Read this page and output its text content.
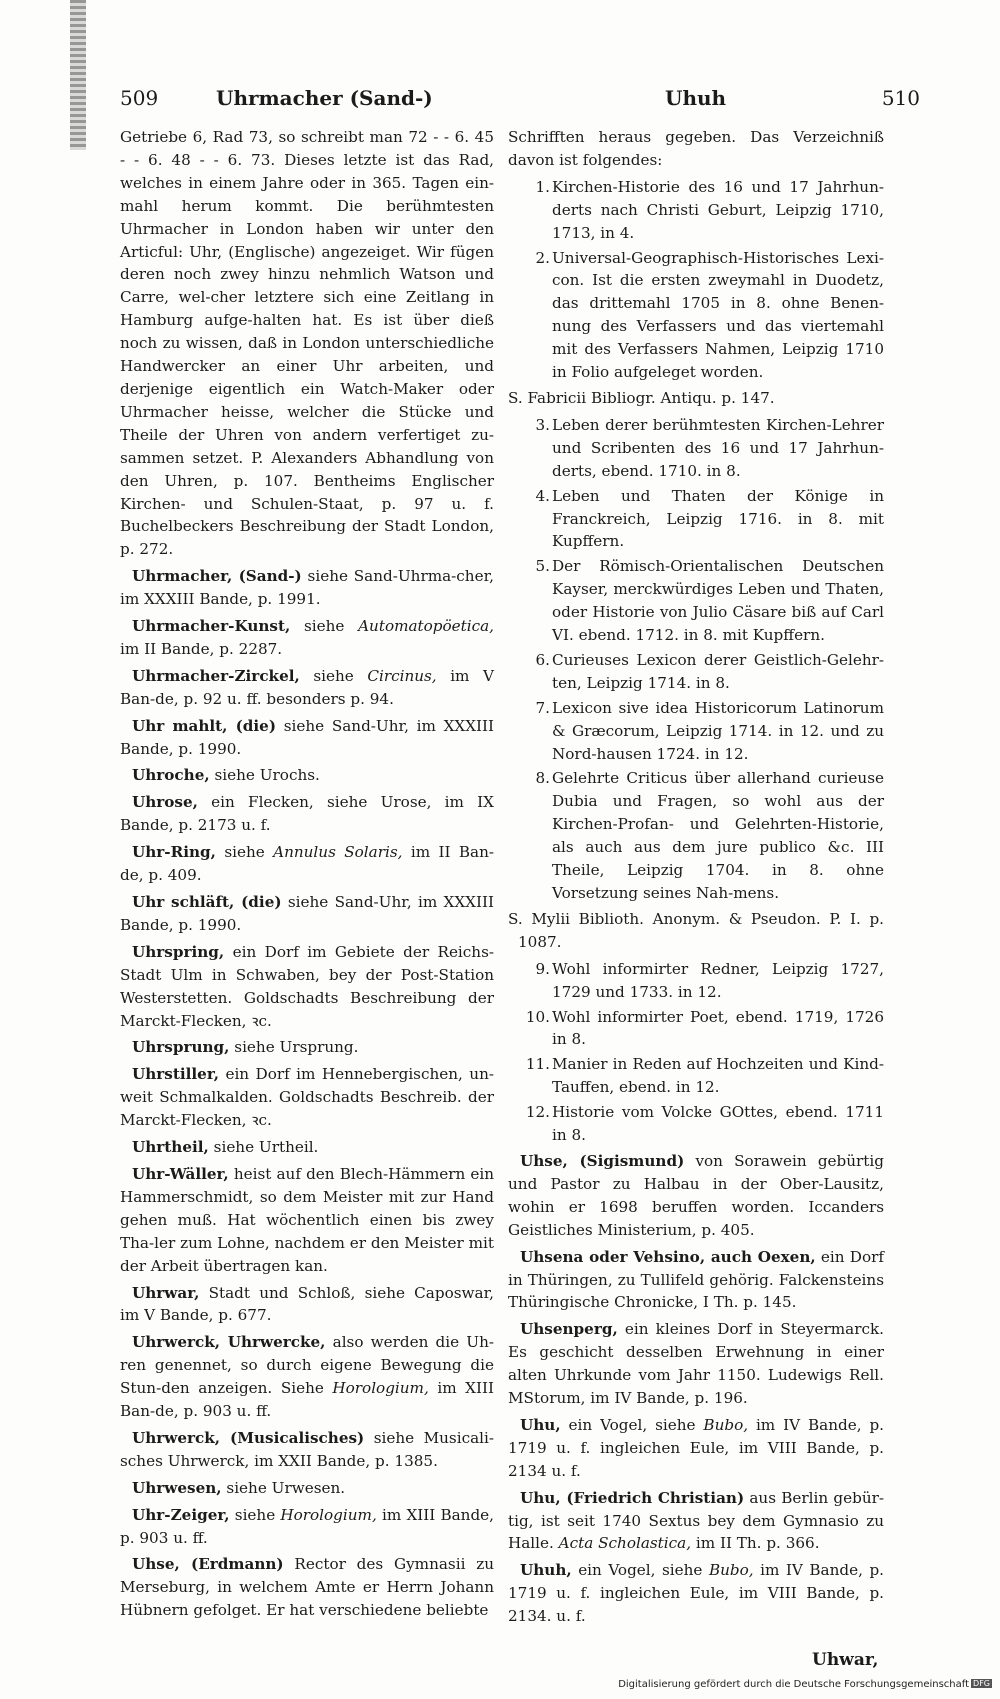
509	Uhrmacher (Sand-)	Uhuh	510

Getriebe 6, Rad 73, so schreibt man 72 - - 6. 45 - - 6. 48 - - 6. 73. Dieses letzte ist das Rad, welches in einem Jahre oder in 365. Tagen ein-mahl herum kommt. Die berühmtesten Uhrmacher in London haben wir unter den Articful: Uhr, (Englische) angezeiget. Wir fügen deren noch zwey hinzu nehmlich Watson und Carre, wel-cher letztere sich eine Zeitlang in Hamburg aufge-halten hat. Es ist über dieß noch zu wissen, daß in London unterschiedliche Handwercker an einer Uhr arbeiten, und derjenige eigentlich ein Watch-Maker oder Uhrmacher heisse, welcher die Stücke und Theile der Uhren von andern verfertiget zu-sammen setzet. P. Alexanders Abhandlung von den Uhren, p. 107. Bentheims Englischer Kirchen- und Schulen-Staat, p. 97 u. f. Buchelbeckers Beschreibung der Stadt London, p. 272.

Uhrmacher, (Sand-) siehe Sand-Uhrma-cher, im XXXIII Bande, p. 1991.

Uhrmacher-Kunst, siehe Automatopöetica, im II Bande, p. 2287.

Uhrmacher-Zirckel, siehe Circinus, im V Ban-de, p. 92 u. ff. besonders p. 94.

Uhr mahlt, (die) siehe Sand-Uhr, im XXXIII Bande, p. 1990.

Uhroche, siehe Urochs.

Uhrose, ein Flecken, siehe Urose, im IX Bande, p. 2173 u. f.

Uhr-Ring, siehe Annulus Solaris, im II Ban-de, p. 409.

Uhr schläft, (die) siehe Sand-Uhr, im XXXIII Bande, p. 1990.

Uhrspring, ein Dorf im Gebiete der Reichs-Stadt Ulm in Schwaben, bey der Post-Station Westerstetten. Goldschadts Beschreibung der Marckt-Flecken, ꝛc.

Uhrsprung, siehe Ursprung.

Uhrstiller, ein Dorf im Hennebergischen, un-weit Schmalkalden. Goldschadts Beschreib. der Marckt-Flecken, ꝛc.

Uhrtheil, siehe Urtheil.

Uhr-Wäller, heist auf den Blech-Hämmern ein Hammerschmidt, so dem Meister mit zur Hand gehen muß. Hat wöchentlich einen bis zwey Tha-ler zum Lohne, nachdem er den Meister mit der Arbeit übertragen kan.

Uhrwar, Stadt und Schloß, siehe Caposwar, im V Bande, p. 677.

Uhrwerck, Uhrwercke, also werden die Uh-ren genennet, so durch eigene Bewegung die Stun-den anzeigen. Siehe Horologium, im XIII Ban-de, p. 903 u. ff.

Uhrwerck, (Musicalisches) siehe Musicali-sches Uhrwerck, im XXII Bande, p. 1385.

Uhrwesen, siehe Urwesen.

Uhr-Zeiger, siehe Horologium, im XIII Bande, p. 903 u. ff.

Uhse, (Erdmann) Rector des Gymnasii zu Merseburg, in welchem Amte er Herrn Johann Hübnern gefolget. Er hat verschiedene beliebte

Schrifften heraus gegeben. Das Verzeichniß davon ist folgendes:

1 . Kirchen-Historie des 16 und 17 Jahrhun-derts nach Christi Geburt, Leipzig 1710, 1713, in 4.
2 . Universal-Geographisch-Historisches Lexi-con. Ist die ersten zweymahl in Duodetz, das drittemahl 1705 in 8. ohne Benen-nung des Verfassers und das viertemahl mit des Verfassers Nahmen, Leipzig 1710 in Folio aufgeleget worden.

S. Fabricii Bibliogr. Antiqu. p. 147.

3 . Leben derer berühmtesten Kirchen-Lehrer und Scribenten des 16 und 17 Jahrhun-derts, ebend. 1710. in 8.
4 . Leben und Thaten der Könige in Franckreich, Leipzig 1716. in 8. mit Kupffern.
5 . Der Römisch-Orientalischen Deutschen Kayser, merckwürdiges Leben und Thaten, oder Historie von Julio Cäsare biß auf Carl VI. ebend. 1712. in 8. mit Kupffern.
6 . Curieuses Lexicon derer Geistlich-Gelehr-ten, Leipzig 1714. in 8.
7 . Lexicon sive idea Historicorum Latinorum & Græcorum, Leipzig 1714. in 12. und zu Nord-hausen 1724. in 12.
8 . Gelehrte Criticus über allerhand curieuse Dubia und Fragen, so wohl aus der Kirchen-Profan- und Gelehrten-Historie, als auch aus dem jure publico &c. III Theile, Leipzig 1704. in 8. ohne Vorsetzung seines Nah-mens.

S. Mylii Biblioth. Anonym. & Pseudon. P. I. p. 1087.

9 . Wohl informirter Redner, Leipzig 1727, 1729 und 1733. in 12.
10 . Wohl informirter Poet, ebend. 1719, 1726 in 8.
11 . Manier in Reden auf Hochzeiten und Kind-Tauffen, ebend. in 12.
12 . Historie vom Volcke GOttes, ebend. 1711 in 8.

Uhse, (Sigismund) von Sorawein gebürtig und Pastor zu Halbau in der Ober-Lausitz, wohin er 1698 beruffen worden. Iccanders Geistliches Ministerium, p. 405.

Uhsena oder Vehsino, auch Oexen, ein Dorf in Thüringen, zu Tullifeld gehörig. Falckensteins Thüringische Chronicke, I Th. p. 145.

Uhsenperg, ein kleines Dorf in Steyermarck. Es geschicht desselben Erwehnung in einer alten Uhrkunde vom Jahr 1150. Ludewigs Rell. MStorum, im IV Bande, p. 196.

Uhu, ein Vogel, siehe Bubo, im IV Bande, p. 1719 u. f. ingleichen Eule, im VIII Bande, p. 2134 u. f.

Uhu, (Friedrich Christian) aus Berlin gebür-tig, ist seit 1740 Sextus bey dem Gymnasio zu Halle. Acta Scholastica, im II Th. p. 366.

Uhuh, ein Vogel, siehe Bubo, im IV Bande, p. 1719 u. f. ingleichen Eule, im VIII Bande, p. 2134. u. f.

Uhwar,
Digitalisierung gefördert durch die Deutsche Forschungsgemeinschaft DFG
